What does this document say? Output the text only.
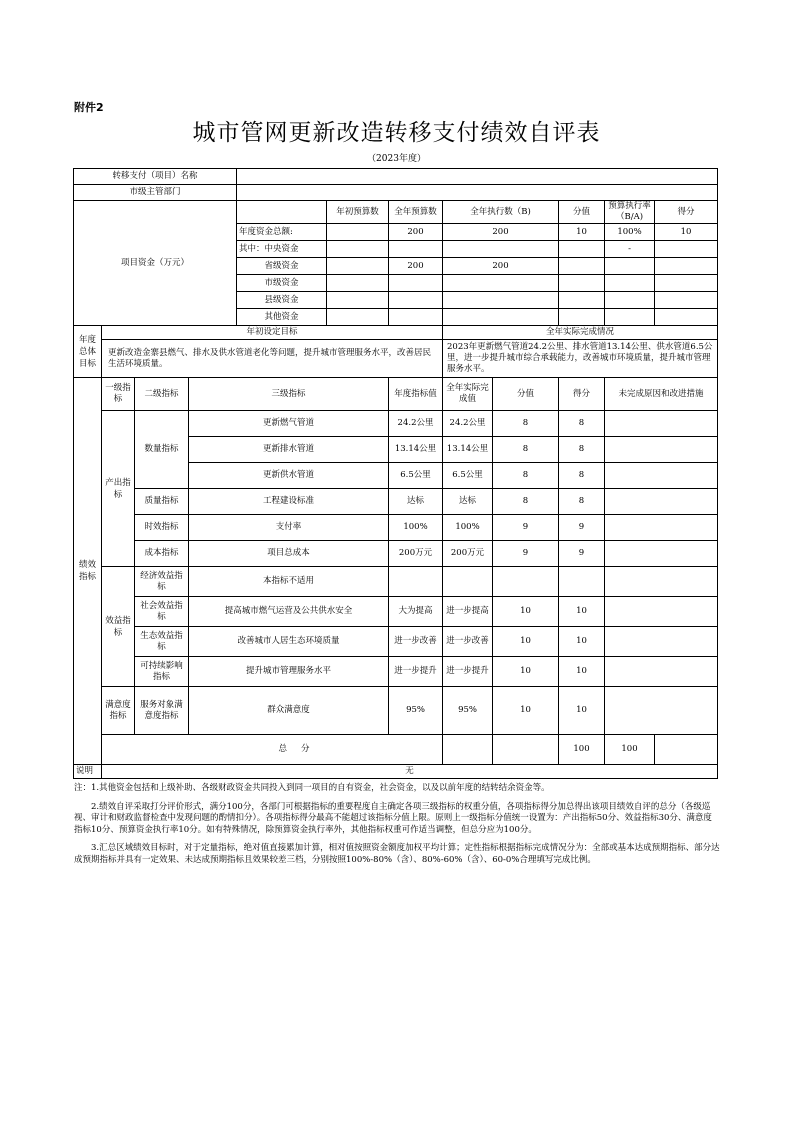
附件2
城市管网更新改造转移支付绩效自评表
（2023年度）
转移支付（项目）名称											
市级主管部门											
项目资金（万元）					年初预算数	全年预算数	全年执行数（B)		分值	预算执行率（B/A)	得分
				年度资金总额:		200	200		10	100%	10
				其中：中央资金						-	
				省级资金		200	200				
				市级资金							
				县级资金							
				其他资金							
年度总体目标	年初设定目标						全年实际完成情况				
	更新改造金寨县燃气、排水及供水管道老化等问题，提升城市管理服务水平，改善居民生活环境质量。						2023年更新燃气管道24.2公里、排水管道13.14公里、供水管道6.5公里，进一步提升城市综合承载能力，改善城市环境质量，提升城市管理服务水平。				
绩效指标	一级指标	二级指标	三级指标			年度指标值	全年实际完成值	分值	得分	未完成原因和改进措施	
	产出指标	数量指标	更新燃气管道			24.2公里	24.2公里	8	8		
			更新排水管道			13.14公里	13.14公里	8	8		
			更新供水管道			6.5公里	6.5公里	8	8		
		质量指标	工程建设标准			达标	达标	8	8		
		时效指标	支付率			100%	100%	9	9		
		成本指标	项目总成本			200万元	200万元	9	9		
	效益指标	经济效益指标	本指标不适用								
		社会效益指标	提高城市燃气运营及公共供水安全			大为提高	进一步提高	10	10		
		生态效益指标	改善城市人居生态环境质量			进一步改善	进一步改善	10	10		
		可持续影响指标	提升城市管理服务水平			进一步提升	进一步提升	10	10		
	满意度指标	服务对象满意度指标	群众满意度			95%	95%	10	10		
	总分								100	100	
说明	无										

注：1.其他资金包括和上级补助、各级财政资金共同投入到同一项目的自有资金，社会资金，以及以前年度的结转结余资金等。

2.绩效自评采取打分评价形式，满分100分，各部门可根据指标的重要程度自主确定各项三级指标的权重分值，各项指标得分加总得出该项目绩效自评的总分（各级巡视、审计和财政监督检查中发现问题的酌情扣分）。各项指标得分最高不能超过该指标分值上限。原则上一级指标分值统一设置为：产出指标50分、效益指标30分、满意度指标10分、预算资金执行率10分。如有特殊情况，除预算资金执行率外，其他指标权重可作适当调整，但总分应为100分。

3.汇总区域绩效目标时，对于定量指标，绝对值直接累加计算，相对值按照资金额度加权平均计算；定性指标根据指标完成情况分为：全部或基本达成预期指标、部分达成预期指标并具有一定效果、未达成预期指标且效果较差三档，分别按照100%-80%（含）、80%-60%（含）、60-0%合理填写完成比例。
